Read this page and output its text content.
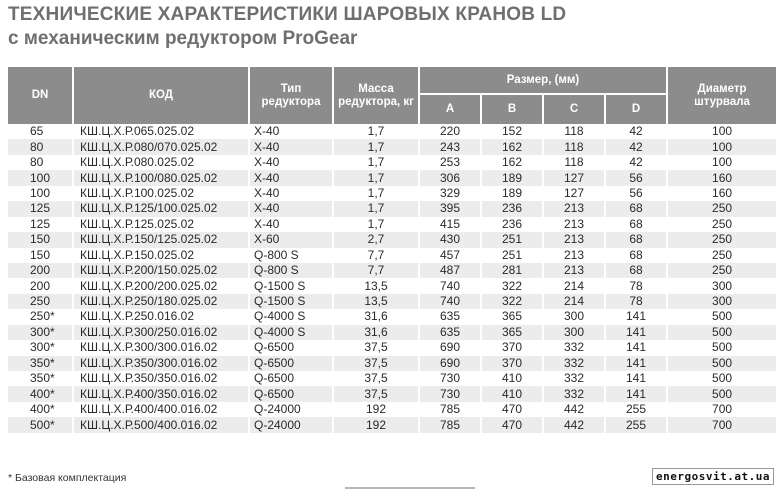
ТЕХНИЧЕСКИЕ ХАРАКТЕРИСТИКИ ШАРОВЫХ КРАНОВ LD
с механическим редуктором ProGear
DN	КОД	Тип редуктора	Масса редуктора, кг	Размер, (мм)				Диаметр штурвала
				A	B	C	D	
65	КШ.Ц.Х.Р.065.025.02	X-40	1,7	220	152	118	42	100
80	КШ.Ц.Х.Р.080/070.025.02	X-40	1,7	243	162	118	42	100
80	КШ.Ц.Х.Р.080.025.02	X-40	1,7	253	162	118	42	100
100	КШ.Ц.Х.Р.100/080.025.02	X-40	1,7	306	189	127	56	160
100	КШ.Ц.Х.Р.100.025.02	X-40	1,7	329	189	127	56	160
125	КШ.Ц.Х.Р.125/100.025.02	X-40	1,7	395	236	213	68	250
125	КШ.Ц.Х.Р.125.025.02	X-40	1,7	415	236	213	68	250
150	КШ.Ц.Х.Р.150/125.025.02	X-60	2,7	430	251	213	68	250
150	КШ.Ц.Х.Р.150.025.02	Q-800 S	7,7	457	251	213	68	250
200	КШ.Ц.Х.Р.200/150.025.02	Q-800 S	7,7	487	281	213	68	250
200	КШ.Ц.Х.Р.200/200.025.02	Q-1500 S	13,5	740	322	214	78	300
250	КШ.Ц.Х.Р.250/180.025.02	Q-1500 S	13,5	740	322	214	78	300
250*	КШ.Ц.Х.Р.250.016.02	Q-4000 S	31,6	635	365	300	141	500
300*	КШ.Ц.Х.Р.300/250.016.02	Q-4000 S	31,6	635	365	300	141	500
300*	КШ.Ц.Х.Р.300/300.016.02	Q-6500	37,5	690	370	332	141	500
350*	КШ.Ц.Х.Р.350/300.016.02	Q-6500	37,5	690	370	332	141	500
350*	КШ.Ц.Х.Р.350/350.016.02	Q-6500	37,5	730	410	332	141	500
400*	КШ.Ц.Х.Р.400/350.016.02	Q-6500	37,5	730	410	332	141	500
400*	КШ.Ц.Х.Р.400/400.016.02	Q-24000	192	785	470	442	255	700
500*	КШ.Ц.Х.Р.500/400.016.02	Q-24000	192	785	470	442	255	700
* Базовая комплектация	energosvit.at.ua
